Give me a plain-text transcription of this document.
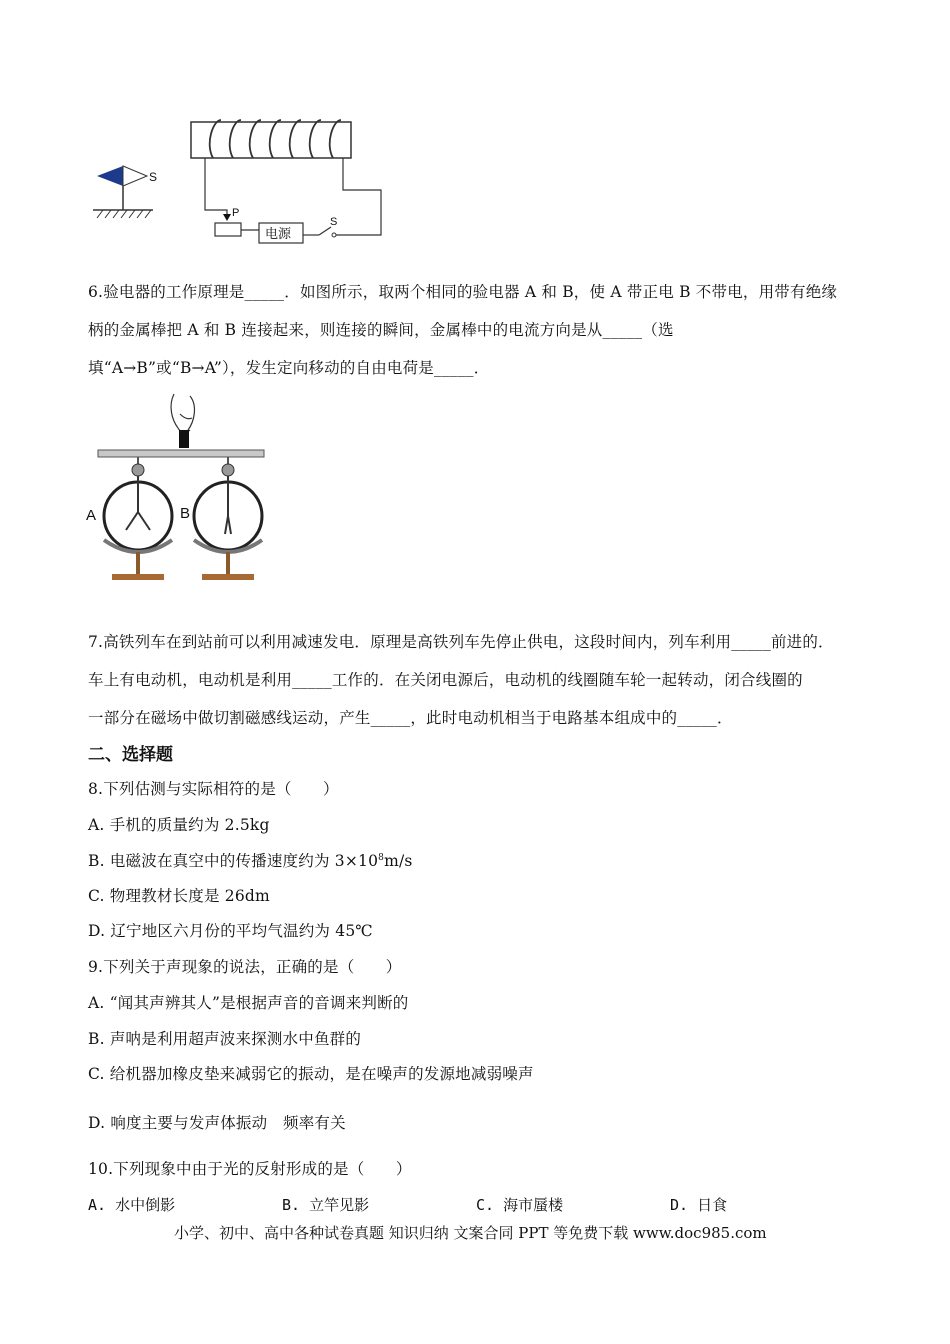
S
P
电源
S
6.验电器的工作原理是_____．如图所示，取两个相同的验电器 A 和 B，使 A 带正电 B 不带电，用带有绝缘
柄的金属棒把 A 和 B 连接起来，则连接的瞬间，金属棒中的电流方向是从_____（选
填“A→B”或“B→A”），发生定向移动的自由电荷是_____．
A	B
7.高铁列车在到站前可以利用减速发电．原理是高铁列车先停止供电，这段时间内，列车利用_____前进的．
车上有电动机，电动机是利用_____工作的．在关闭电源后，电动机的线圈随车轮一起转动，闭合线圈的
一部分在磁场中做切割磁感线运动，产生_____，此时电动机相当于电路基本组成中的_____．
二、选择题
8.下列估测与实际相符的是（　　）
A. 手机的质量约为 2.5kg
B. 电磁波在真空中的传播速度约为 $3\times 10^8m/s$
C. 物理教材长度是 26dm
D. 辽宁地区六月份的平均气温约为 45℃
9.下列关于声现象的说法，正确的是（　　）
A. “闻其声辨其人”是根据声音的音调来判断的
B. 声呐是利用超声波来探测水中鱼群的
C. 给机器加橡皮垫来减弱它的振动，是在噪声的发源地减弱噪声
D. 响度主要与发声体振动　频率有关
10.下列现象中由于光的反射形成的是（　　）
A. 水中倒影	B. 立竿见影	C. 海市蜃楼	D. 日食
小学、初中、高中各种试卷真题 知识归纳 文案合同 PPT 等免费下载 www.doc985.com
